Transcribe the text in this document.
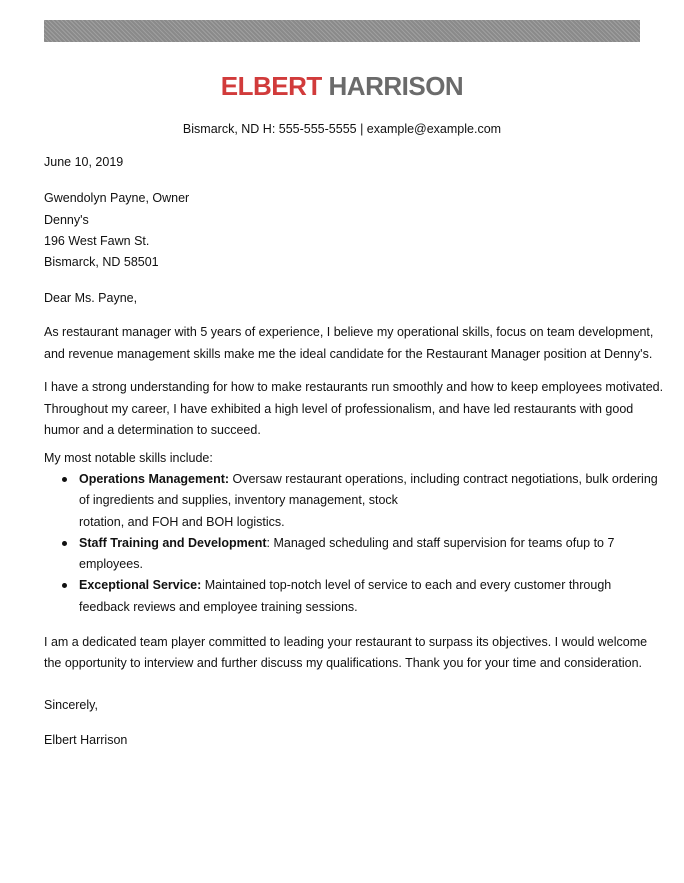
ELBERT HARRISON
Bismarck, ND H: 555-555-5555 | example@example.com
June 10, 2019
Gwendolyn Payne, Owner
Denny's
196 West Fawn St.
Bismarck, ND 58501
Dear Ms. Payne,
As restaurant manager with 5 years of experience, I believe my operational skills, focus on team development,
and revenue management skills make me the ideal candidate for the Restaurant Manager position at Denny's.
I have a strong understanding for how to make restaurants run smoothly and how to keep employees motivated.
Throughout my career, I have exhibited a high level of professionalism, and have led restaurants with good
humor and a determination to succeed.
My most notable skills include:
Operations Management: Oversaw restaurant operations, including contract negotiations, bulk ordering
of ingredients and supplies, inventory management, stock
rotation, and FOH and BOH logistics.
Staff Training and Development: Managed scheduling and staff supervision for teams ofup to 7
employees.
Exceptional Service: Maintained top-notch level of service to each and every customer through
feedback reviews and employee training sessions.
I am a dedicated team player committed to leading your restaurant to surpass its objectives. I would welcome
the opportunity to interview and further discuss my qualifications. Thank you for your time and consideration.
Sincerely,
Elbert Harrison
